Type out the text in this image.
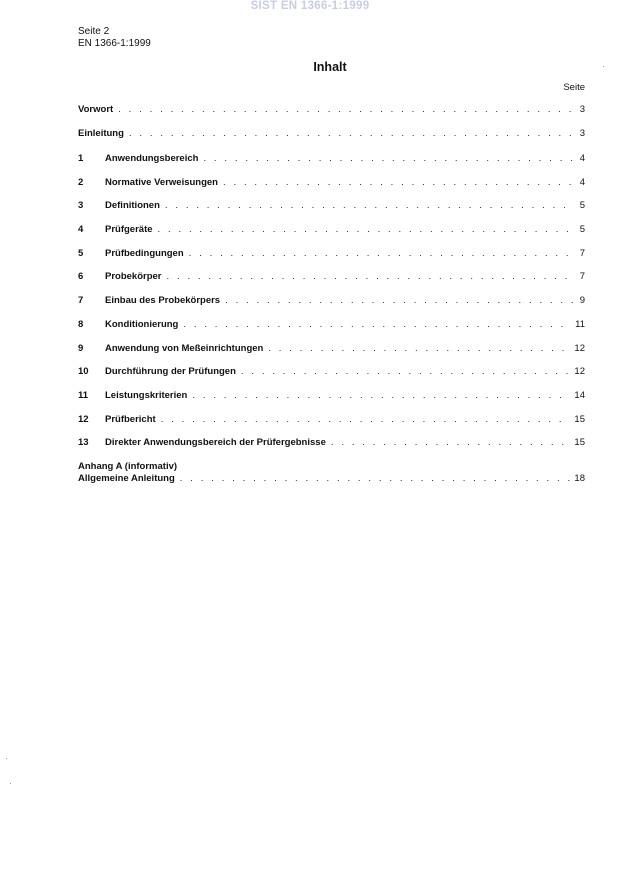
SIST EN 1366-1:1999
Seite 2
EN 1366-1:1999
Inhalt
Seite
Vorwort . . .	3
Einleitung . . .	3
1	Anwendungsbereich . . .	4
2	Normative Verweisungen . . .	4
3	Definitionen . . .	5
4	Prüfgeräte . . .	5
5	Prüfbedingungen . . .	7
6	Probekörper . . .	7
7	Einbau des Probekörpers . . .	9
8	Konditionierung . . .	11
9	Anwendung von Meßeinrichtungen . . .	12
10	Durchführung der Prüfungen . . .	12
11	Leistungskriterien . . .	14
12	Prüfbericht . . .	15
13	Direkter Anwendungsbereich der Prüfergebnisse . . .	15
Anhang A (informativ)
Allgemeine Anleitung . . .	18
